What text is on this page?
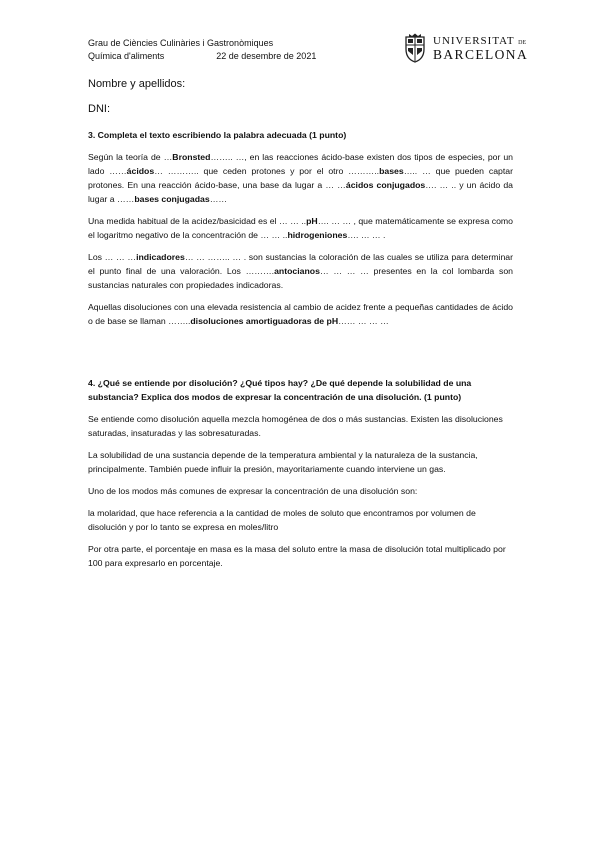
Grau de Ciències Culinàries i Gastronòmiques
Química d'aliments	22 de desembre de 2021
UNIVERSITAT DE
BARCELONA
Nombre y apellidos:
DNI:

3. Completa el texto escribiendo la palabra adecuada (1 punto)

Según la teoría de …Bronsted…….. …, en las reacciones ácido-base existen dos tipos de especies, por un lado ……ácidos… ……….. que ceden protones y por el otro ………..bases….. … que pueden captar protones. En una reacción ácido-base, una base da lugar a … …ácidos conjugados…. … .. y un ácido da lugar a ……bases conjugadas……

Una medida habitual de la acidez/basicidad es el … … ..pH…. … … , que matemáticamente se expresa como el logaritmo negativo de la concentración de … … ..hidrogeniones…. … … .

Los … … …indicadores… … …….. … . son sustancias la coloración de las cuales se utiliza para determinar el punto final de una valoración. Los ……….antocianos… … … … presentes en la col lombarda son sustancias naturales con propiedades indicadoras.

Aquellas disoluciones con una elevada resistencia al cambio de acidez frente a pequeñas cantidades de ácido o de base se llaman ……..disoluciones amortiguadoras de pH…… … … …

4. ¿Qué se entiende por disolución? ¿Qué tipos hay? ¿De qué depende la solubilidad de una substancia? Explica dos modos de expresar la concentración de una disolución. (1 punto)

Se entiende como disolución aquella mezcla homogénea de dos o más sustancias. Existen las disoluciones saturadas, insaturadas y las sobresaturadas.

La solubilidad de una sustancia depende de la temperatura ambiental y la naturaleza de la sustancia, principalmente. También puede influir la presión, mayoritariamente cuando interviene un gas.

Uno de los modos más comunes de expresar la concentración de una disolución son:

la molaridad, que hace referencia a la cantidad de moles de soluto que encontramos por volumen de disolución y por lo tanto se expresa en moles/litro

Por otra parte, el porcentaje en masa es la masa del soluto entre la masa de disolución total multiplicado por 100 para expresarlo en porcentaje.
